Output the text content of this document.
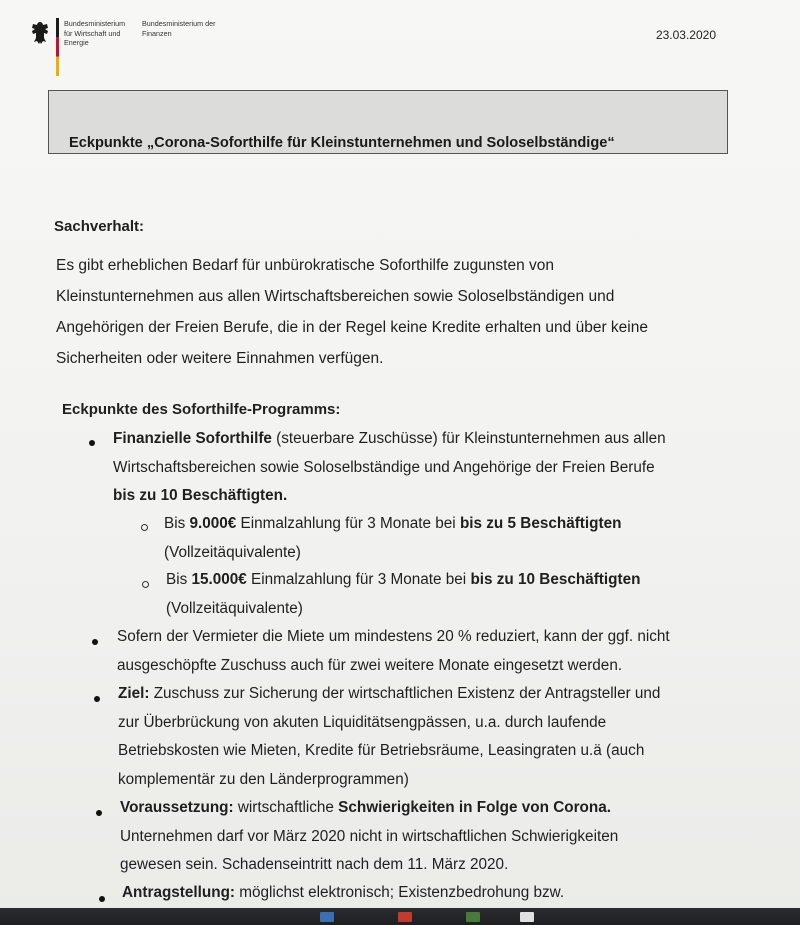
Bundesministerium für Wirtschaft und Energie
Bundesministerium der Finanzen	23.03.2020
Eckpunkte „Corona-Soforthilfe für Kleinstunternehmen und Soloselbständige“
Sachverhalt:
Es gibt erheblichen Bedarf für unbürokratische Soforthilfe zugunsten von
Kleinstunternehmen aus allen Wirtschaftsbereichen sowie Soloselbständigen und
Angehörigen der Freien Berufe, die in der Regel keine Kredite erhalten und über keine
Sicherheiten oder weitere Einnahmen verfügen.
Eckpunkte des Soforthilfe-Programms:
Finanzielle Soforthilfe (steuerbare Zuschüsse) für Kleinstunternehmen aus allen
Wirtschaftsbereichen sowie Soloselbständige und Angehörige der Freien Berufe
bis zu 10 Beschäftigten.
Bis 9.000€ Einmalzahlung für 3 Monate bei bis zu 5 Beschäftigten
(Vollzeitäquivalente)
Bis 15.000€ Einmalzahlung für 3 Monate bei bis zu 10 Beschäftigten
(Vollzeitäquivalente)
Sofern der Vermieter die Miete um mindestens 20 % reduziert, kann der ggf. nicht
ausgeschöpfte Zuschuss auch für zwei weitere Monate eingesetzt werden.
Ziel: Zuschuss zur Sicherung der wirtschaftlichen Existenz der Antragsteller und
zur Überbrückung von akuten Liquiditätsengpässen, u.a. durch laufende
Betriebskosten wie Mieten, Kredite für Betriebsräume, Leasingraten u.ä (auch
komplementär zu den Länderprogrammen)
Voraussetzung: wirtschaftliche Schwierigkeiten in Folge von Corona.
Unternehmen darf vor März 2020 nicht in wirtschaftlichen Schwierigkeiten
gewesen sein. Schadenseintritt nach dem 11. März 2020.
Antragstellung: möglichst elektronisch; Existenzbedrohung bzw.
